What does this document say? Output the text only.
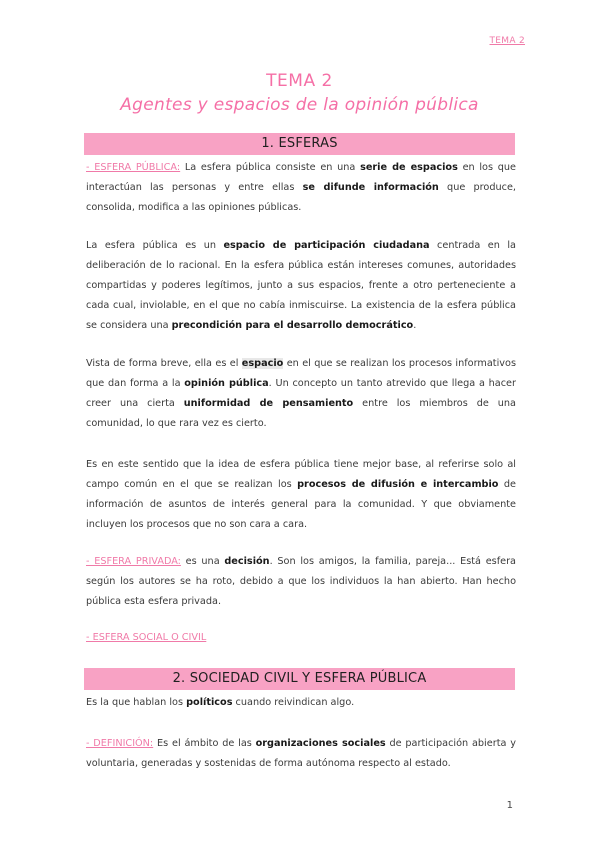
TEMA 2
TEMA 2
Agentes y espacios de la opinión pública
1. ESFERAS
- ESFERA PÚBLICA: La esfera pública consiste en una serie de espacios en los que interactúan las personas y entre ellas se difunde información que produce, consolida, modifica a las opiniones públicas.
La esfera pública es un espacio de participación ciudadana centrada en la deliberación de lo racional. En la esfera pública están intereses comunes, autoridades compartidas y poderes legítimos, junto a sus espacios, frente a otro perteneciente a cada cual, inviolable, en el que no cabía inmiscuirse. La existencia de la esfera pública se considera una precondición para el desarrollo democrático.
Vista de forma breve, ella es el espacio en el que se realizan los procesos informativos que dan forma a la opinión pública. Un concepto un tanto atrevido que llega a hacer creer una cierta uniformidad de pensamiento entre los miembros de una comunidad, lo que rara vez es cierto.
Es en este sentido que la idea de esfera pública tiene mejor base, al referirse solo al campo común en el que se realizan los procesos de difusión e intercambio de información de asuntos de interés general para la comunidad. Y que obviamente incluyen los procesos que no son cara a cara.
- ESFERA PRIVADA: es una decisión. Son los amigos, la familia, pareja... Está esfera según los autores se ha roto, debido a que los individuos la han abierto. Han hecho pública esta esfera privada.
- ESFERA SOCIAL O CIVIL
2. SOCIEDAD CIVIL Y ESFERA PÚBLICA
Es la que hablan los políticos cuando reivindican algo.
- DEFINICIÓN: Es el ámbito de las organizaciones sociales de participación abierta y voluntaria, generadas y sostenidas de forma autónoma respecto al estado.
1
